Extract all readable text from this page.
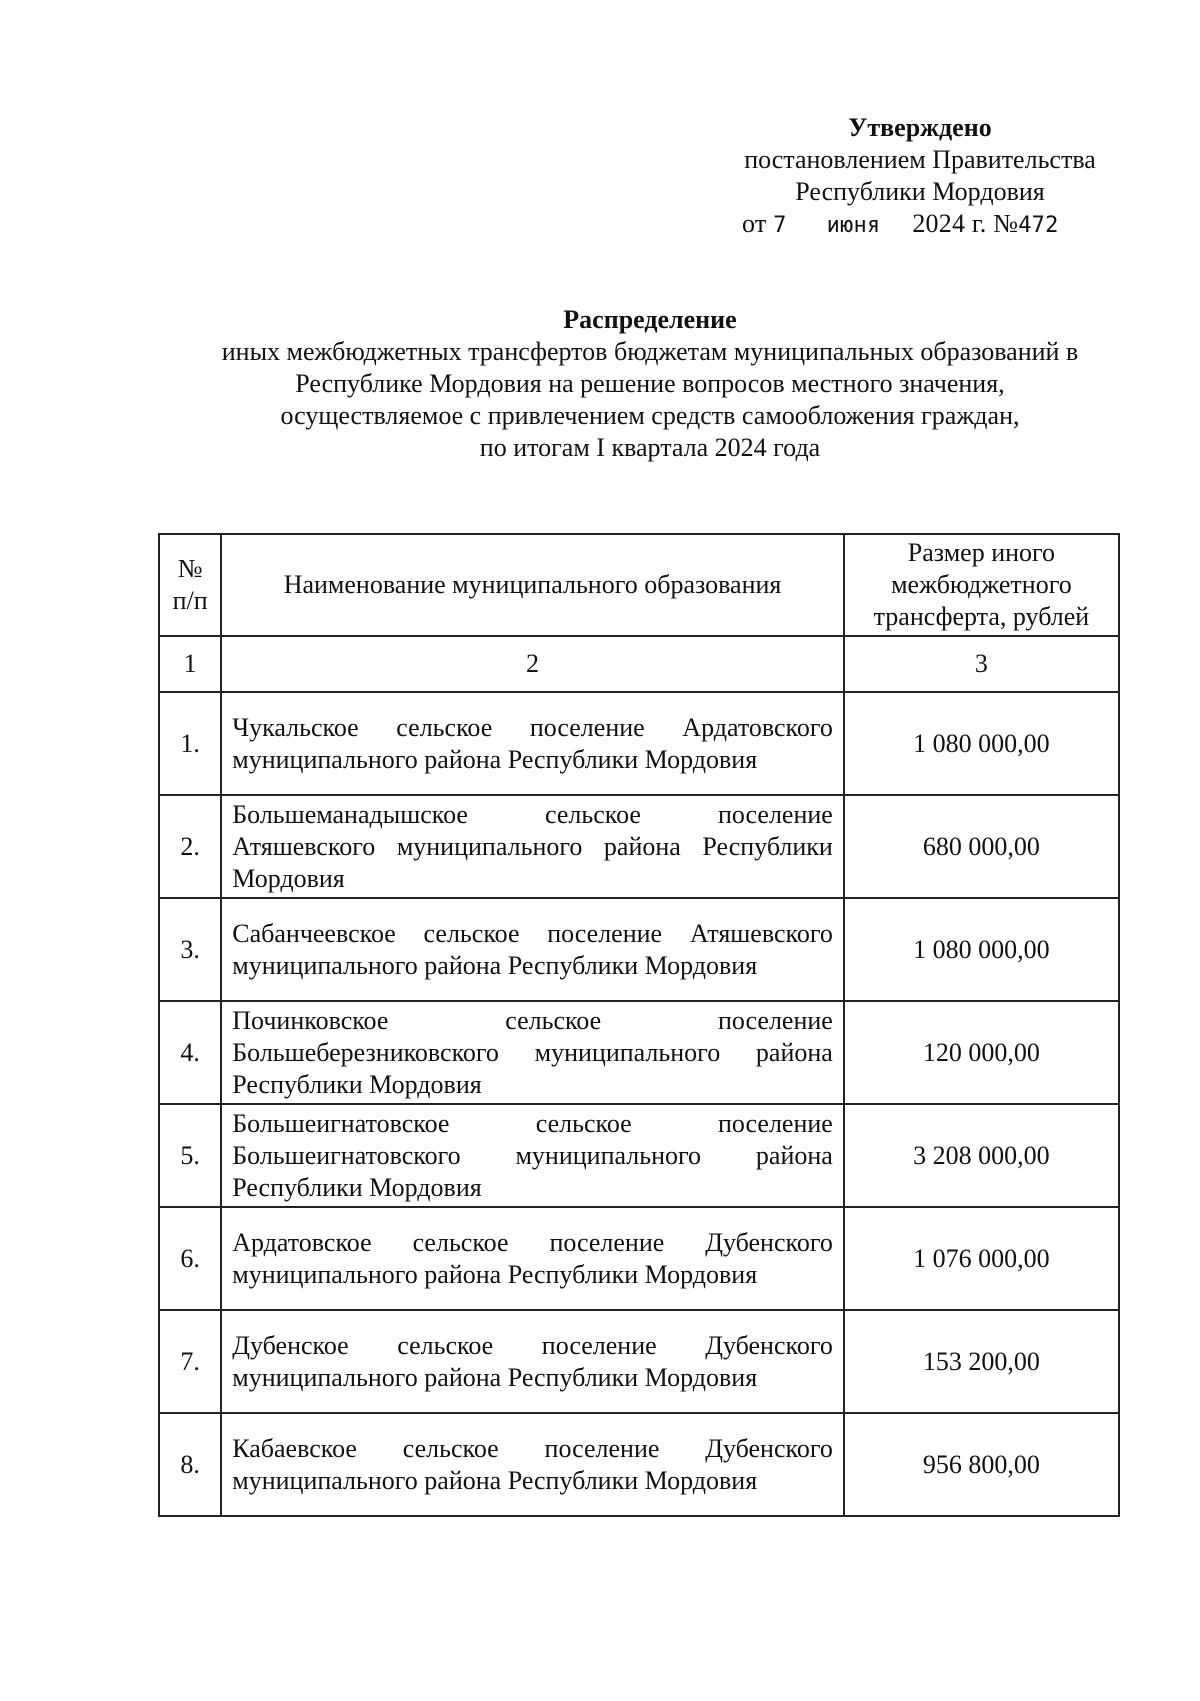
Утверждено
постановлением Правительства
Республики Мордовия
от 7 июня 2024 г. №472
Распределение
иных межбюджетных трансфертов бюджетам муниципальных образований в
Республике Мордовия на решение вопросов местного значения,
осуществляемое с привлечением средств самообложения граждан,
по итогам I квартала 2024 года
№ п/п	Наименование муниципального образования	Размер иного межбюджетного трансферта, рублей
1	2	3
1.	Чукальское сельское поселение Ардатовского муниципального района Республики Мордовия	1 080 000,00
2.	Большеманадышское сельское поселение Атяшевского муниципального района Республики Мордовия	680 000,00
3.	Сабанчеевское сельское поселение Атяшевского муниципального района Республики Мордовия	1 080 000,00
4.	Починковское сельское поселение Большеберезниковского муниципального района Республики Мордовия	120 000,00
5.	Большеигнатовское сельское поселение Большеигнатовского муниципального района Республики Мордовия	3 208 000,00
6.	Ардатовское сельское поселение Дубенского муниципального района Республики Мордовия	1 076 000,00
7.	Дубенское сельское поселение Дубенского муниципального района Республики Мордовия	153 200,00
8.	Кабаевское сельское поселение Дубенского муниципального района Республики Мордовия	956 800,00
